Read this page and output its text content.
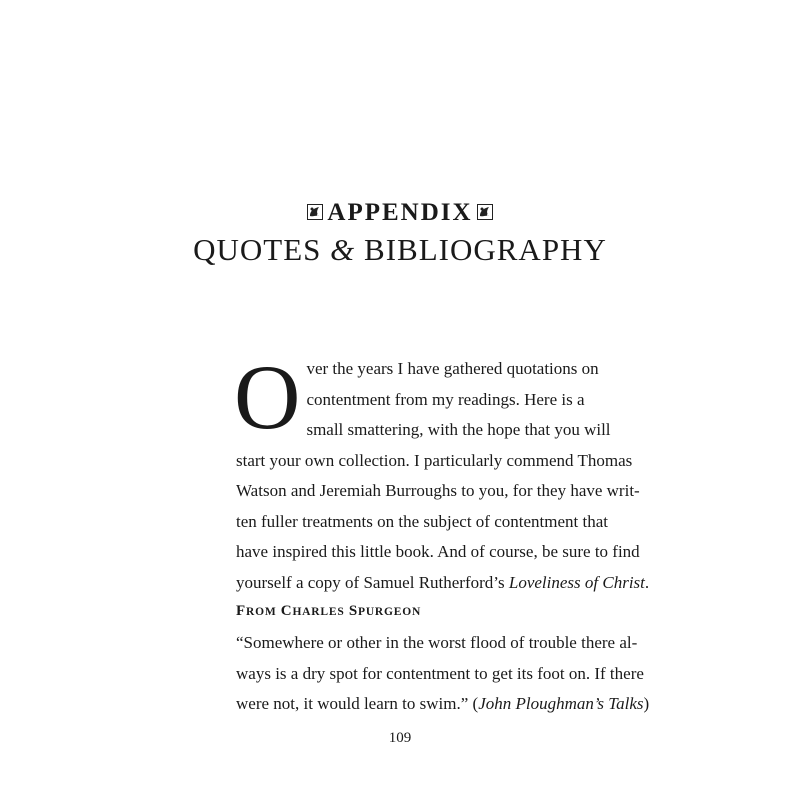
APPENDIX
QUOTES & BIBLIOGRAPHY
O ver the years I have gathered quotations on
contentment from my readings. Here is a
small smattering, with the hope that you will
start your own collection. I particularly commend Thomas
Watson and Jeremiah Burroughs to you, for they have writ-
ten fuller treatments on the subject of contentment that
have inspired this little book. And of course, be sure to find
yourself a copy of Samuel Rutherford’s Loveliness of Christ.
FROM CHARLES SPURGEON
“Somewhere or other in the worst flood of trouble there al-
ways is a dry spot for contentment to get its foot on. If there
were not, it would learn to swim.” (John Ploughman’s Talks)
109
